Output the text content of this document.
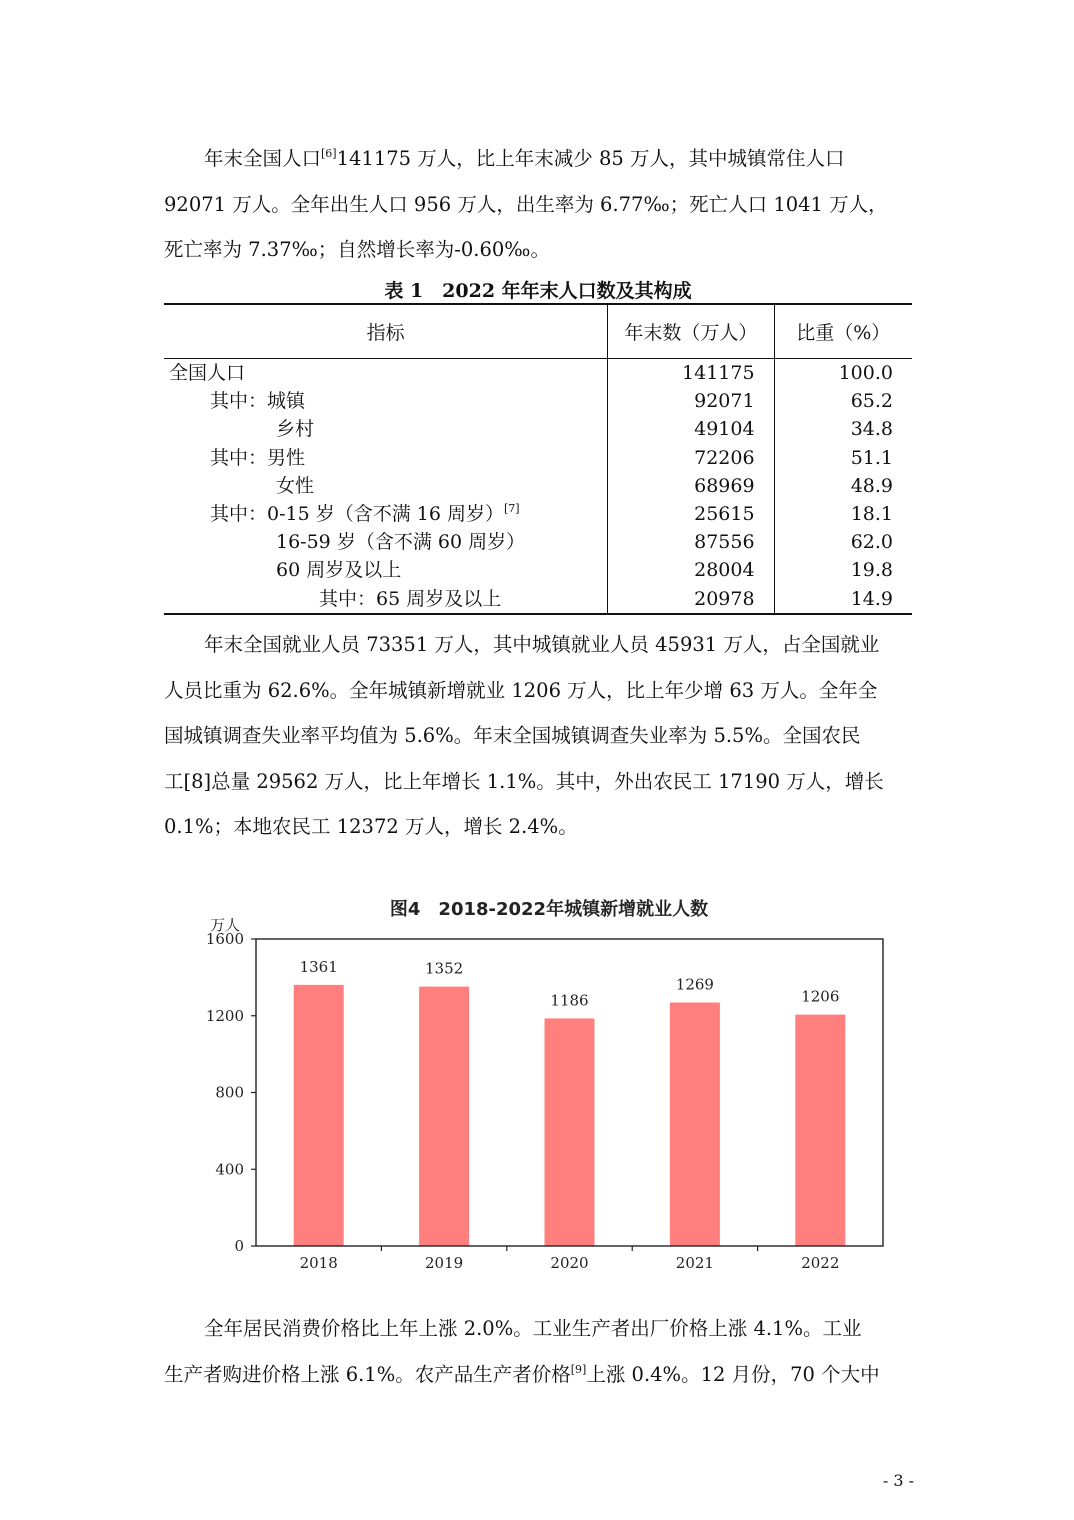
年末全国人口[6]141175 万人，比上年末减少 85 万人，其中城镇常住人口
92071 万人。全年出生人口 956 万人，出生率为 6.77‰；死亡人口 1041 万人，
死亡率为 7.37‰；自然增长率为-0.60‰。

表 1　2022 年年末人口数及其构成
指标	年末数（万人）	比重（%）
全国人口	141175	100.0
其中：城镇	92071	65.2
乡村	49104	34.8
其中：男性	72206	51.1
女性	68969	48.9
其中：0-15 岁（含不满 16 周岁）[7]	25615	18.1
16-59 岁（含不满 60 周岁）	87556	62.0
60 周岁及以上	28004	19.8
其中：65 周岁及以上	20978	14.9

年末全国就业人员 73351 万人，其中城镇就业人员 45931 万人，占全国就业
人员比重为 62.6%。全年城镇新增就业 1206 万人，比上年少增 63 万人。全年全
国城镇调查失业率平均值为 5.6%。年末全国城镇调查失业率为 5.5%。全国农民
工[8]总量 29562 万人，比上年增长 1.1%。其中，外出农民工 17190 万人，增长
0.1%；本地农民工 12372 万人，增长 2.4%。

图4　2018-2022年城镇新增就业人数
万人
0
400
800
1200
1600
1361
2018
1352
2019
1186
2020
1269
2021
1206
2022

全年居民消费价格比上年上涨 2.0%。工业生产者出厂价格上涨 4.1%。工业
生产者购进价格上涨 6.1%。农产品生产者价格[9]上涨 0.4%。12 月份，70 个大中

- 3 -
